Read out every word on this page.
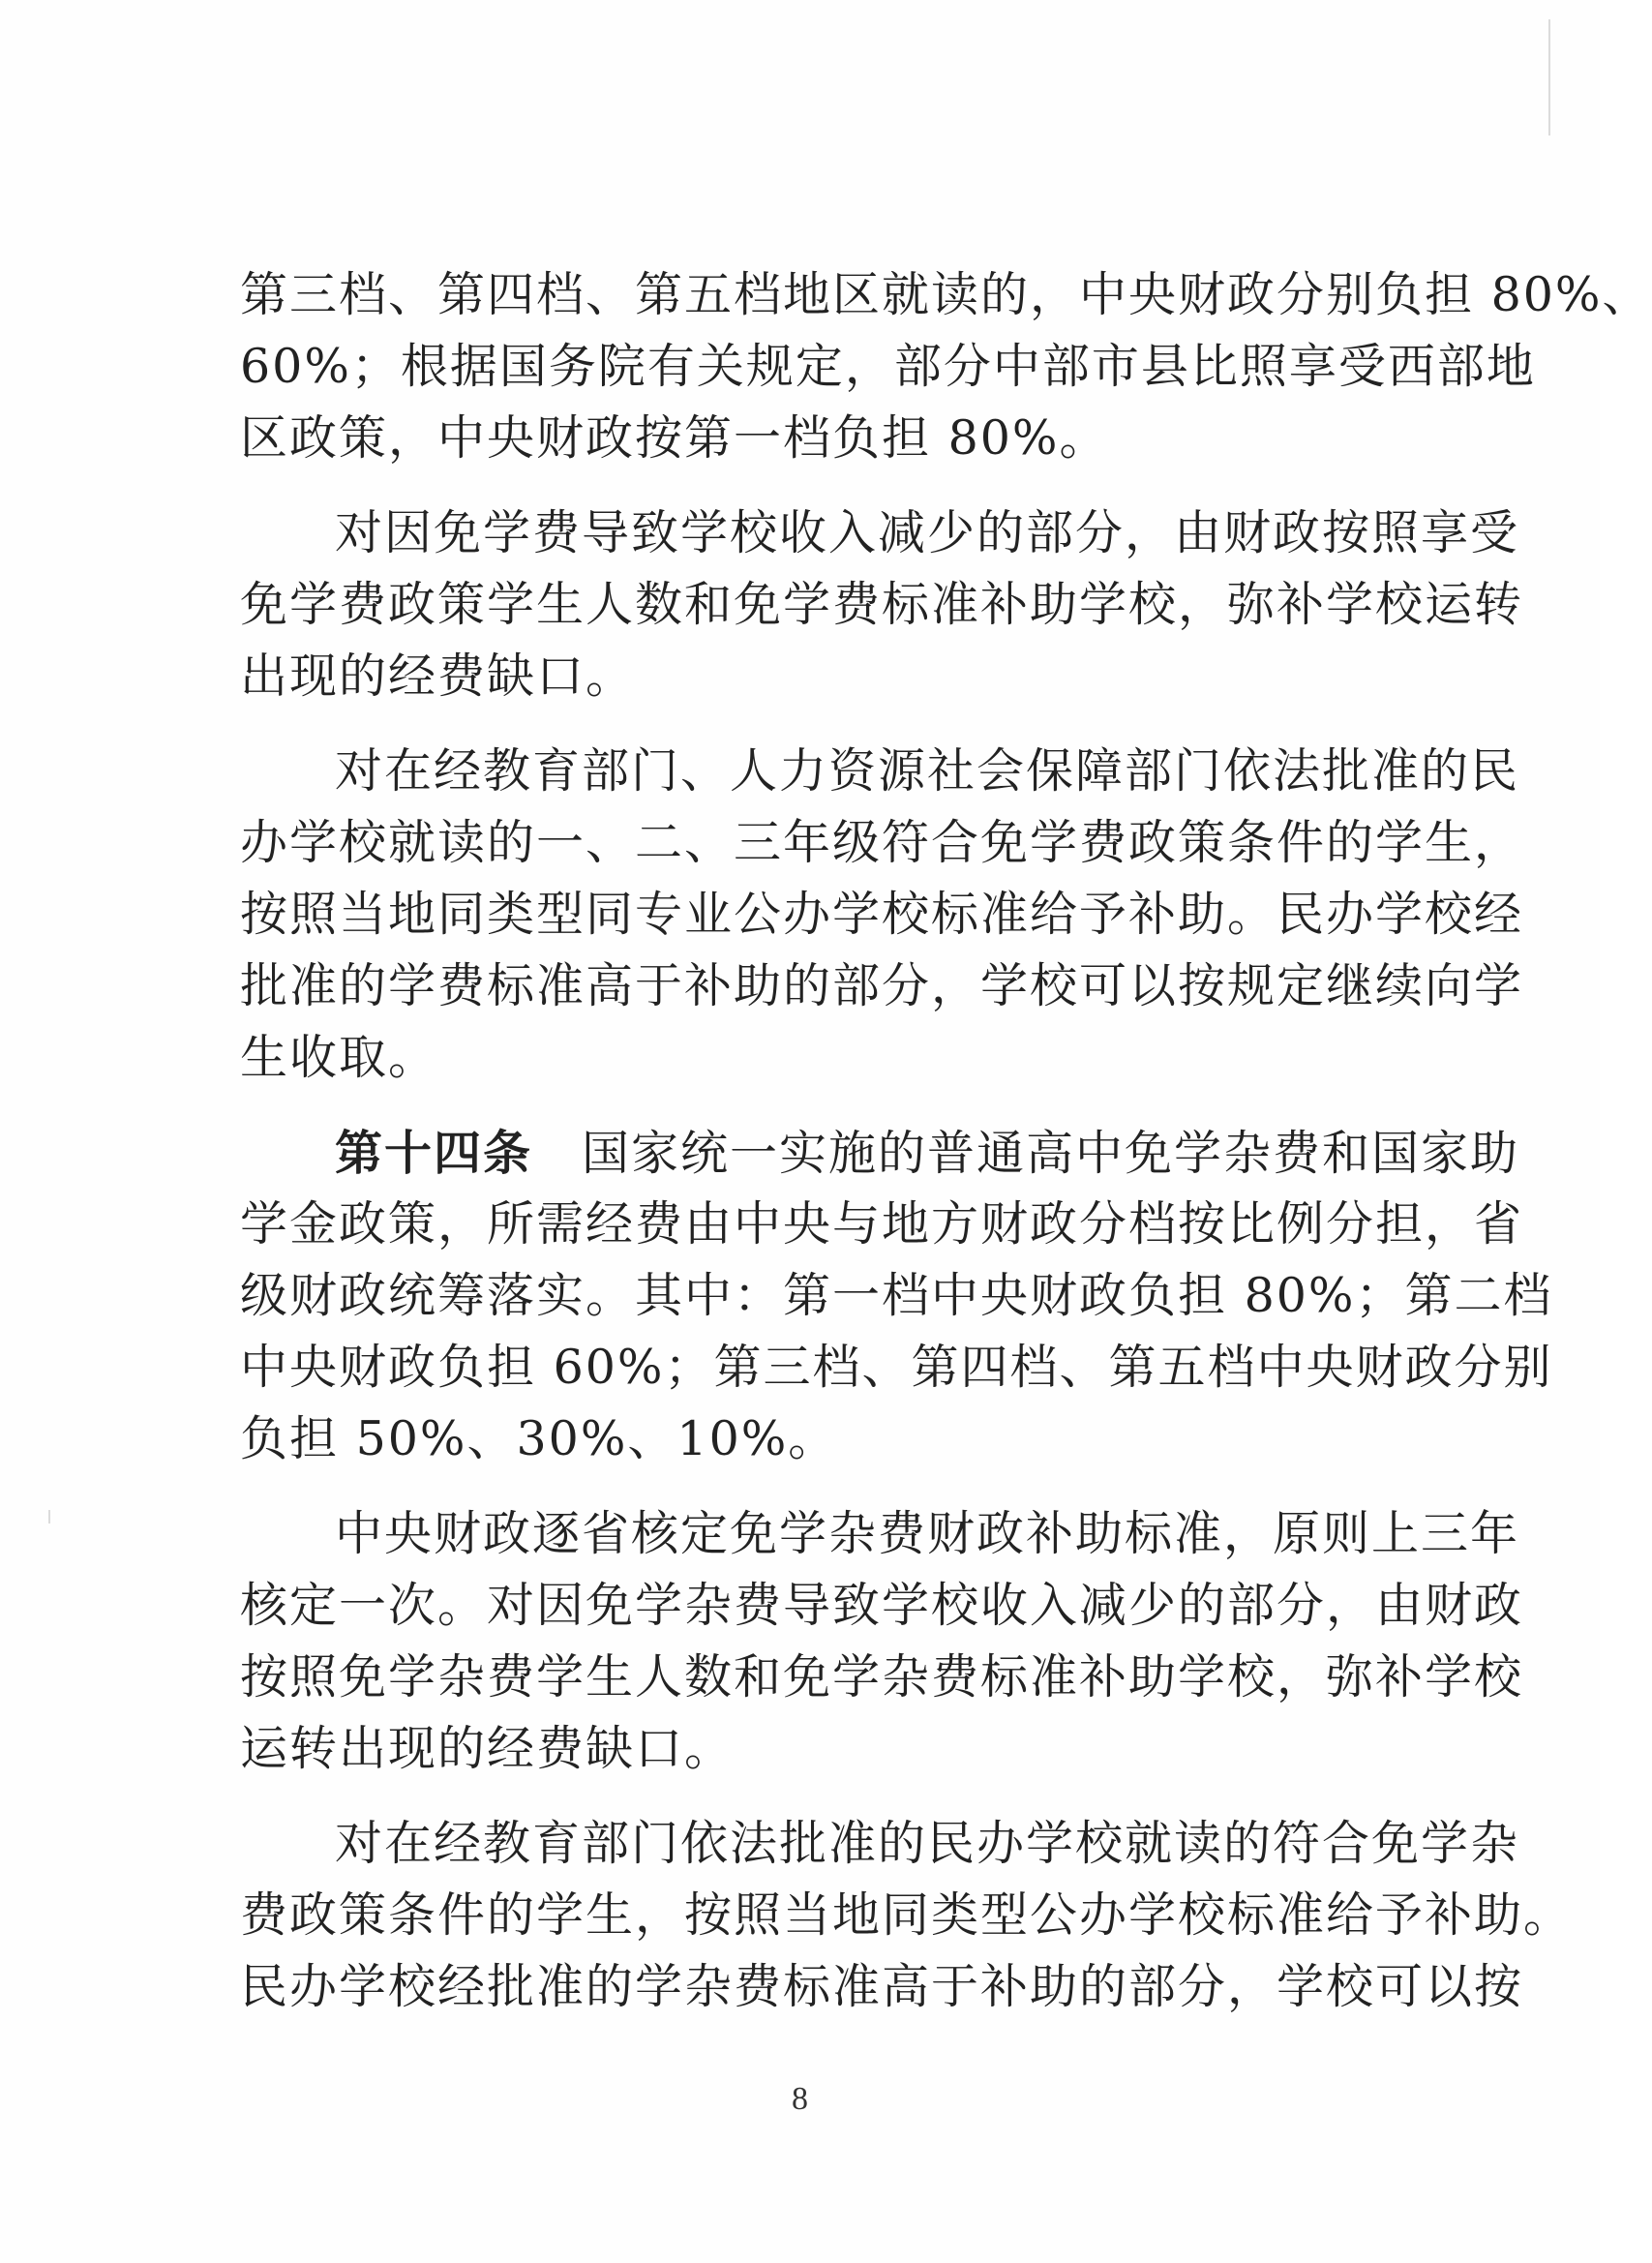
第三档、第四档、第五档地区就读的，中央财政分别负担 80%、
60%；根据国务院有关规定，部分中部市县比照享受西部地
区政策，中央财政按第一档负担 80%。
对因免学费导致学校收入减少的部分，由财政按照享受
免学费政策学生人数和免学费标准补助学校，弥补学校运转
出现的经费缺口。
对在经教育部门、人力资源社会保障部门依法批准的民
办学校就读的一、二、三年级符合免学费政策条件的学生，
按照当地同类型同专业公办学校标准给予补助。民办学校经
批准的学费标准高于补助的部分，学校可以按规定继续向学
生收取。
第十四条  国家统一实施的普通高中免学杂费和国家助
学金政策，所需经费由中央与地方财政分档按比例分担，省
级财政统筹落实。其中：第一档中央财政负担 80%；第二档
中央财政负担 60%；第三档、第四档、第五档中央财政分别
负担 50%、30%、10%。
中央财政逐省核定免学杂费财政补助标准，原则上三年
核定一次。对因免学杂费导致学校收入减少的部分，由财政
按照免学杂费学生人数和免学杂费标准补助学校，弥补学校
运转出现的经费缺口。
对在经教育部门依法批准的民办学校就读的符合免学杂
费政策条件的学生，按照当地同类型公办学校标准给予补助。
民办学校经批准的学杂费标准高于补助的部分，学校可以按
8
